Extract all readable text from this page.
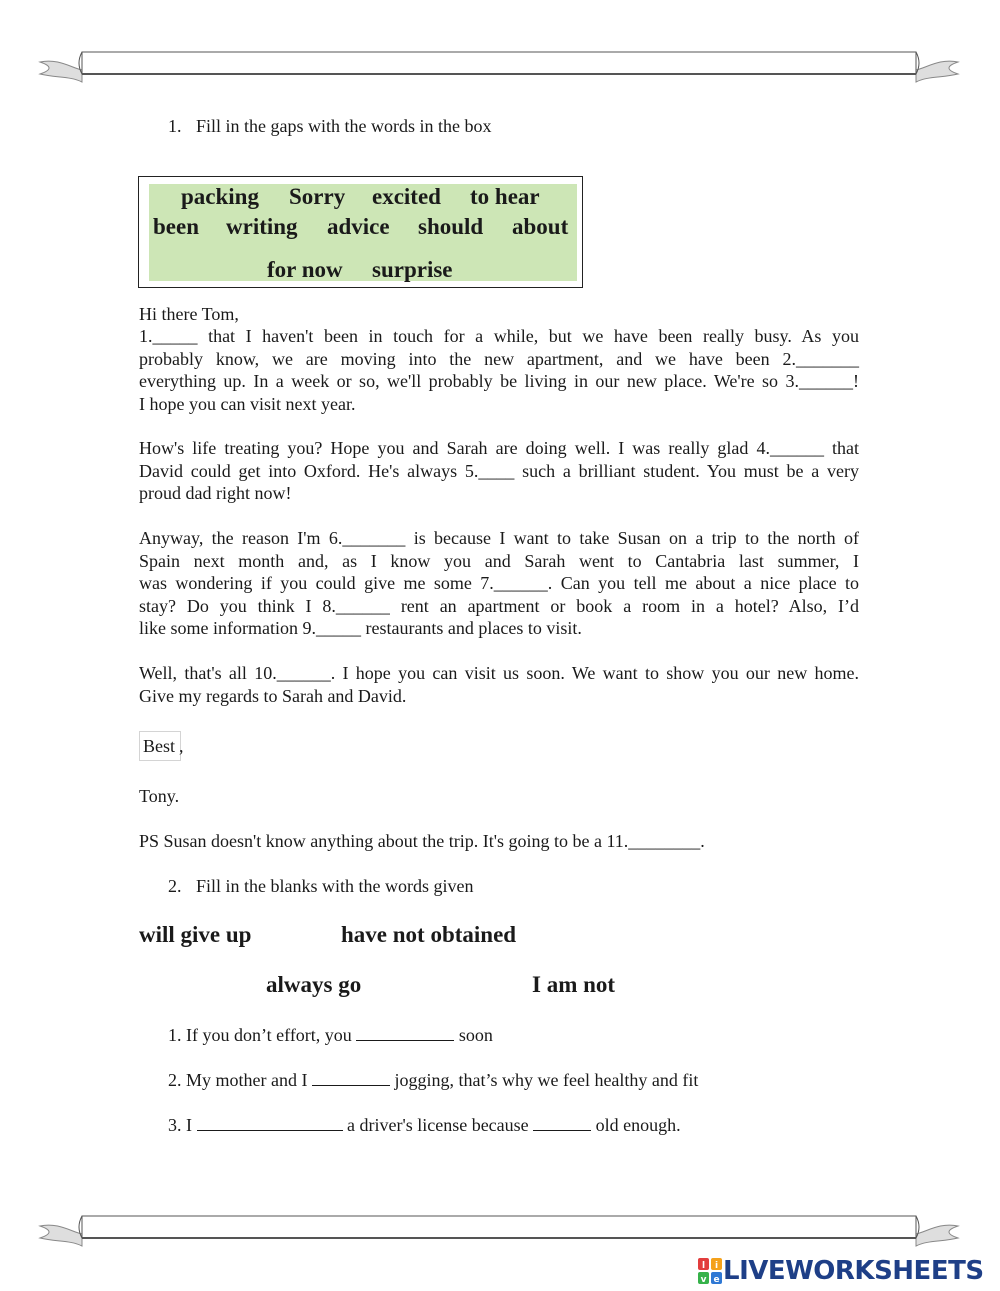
1. Fill in the gaps with the words in the box
packing Sorry excited to hear
been writing advice should about
for now surprise
Hi there Tom,
1._____ that I haven't been in touch for a while, but we have been really busy. As you
probably know, we are moving into the new apartment, and we have been 2._______
everything up. In a week or so, we'll probably be living in our new place. We're so 3.______!
I hope you can visit next year.
How's life treating you? Hope you and Sarah are doing well. I was really glad 4.______ that
David could get into Oxford. He's always 5.____ such a brilliant student. You must be a very
proud dad right now!
Anyway, the reason I'm 6._______ is because I want to take Susan on a trip to the north of
Spain next month and, as I know you and Sarah went to Cantabria last summer, I
was wondering if you could give me some 7.______. Can you tell me about a nice place to
stay? Do you think I 8.______ rent an apartment or book a room in a hotel? Also, I’d
like some information 9._____ restaurants and places to visit.
Well, that's all 10.______. I hope you can visit us soon. We want to show you our new home.
Give my regards to Sarah and David.
Best ,
Tony.
PS Susan doesn't know anything about the trip. It's going to be a 11.________.
2. Fill in the blanks with the words given
will give up	have not obtained
always go	I am not
1. If you don’t effort, you	soon
2. My mother and I	jogging, that’s why we feel healthy and fit
3. I	a driver's license because	old enough.
l i
v e LIVEWORKSHEETS
